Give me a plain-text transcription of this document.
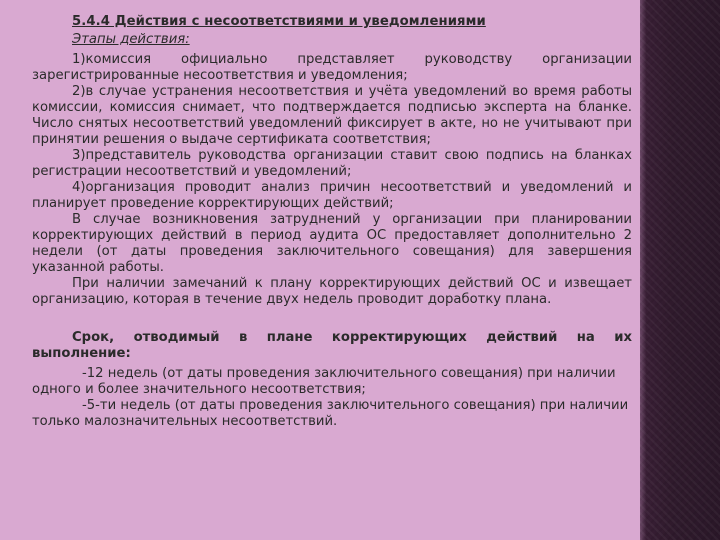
5.4.4 Действия с несоответствиями и уведомлениями
Этапы действия:

1)комиссия официально представляет руководству организации зарегистрированные несоответствия и уведомления;

2)в случае устранения несоответствия и учёта уведомлений во время работы комиссии, комиссия снимает, что подтверждается подписью эксперта на бланке. Число снятых несоответствий уведомлений фиксирует в акте, но не учитывают при принятии решения о выдаче сертификата соответствия;

3)представитель руководства организации ставит свою подпись на бланках регистрации несоответствий и уведомлений;

4)организация проводит анализ причин несоответствий и уведомлений и планирует проведение корректирующих действий;

В случае возникновения затруднений у организации при планировании корректирующих действий в период аудита ОС предоставляет дополнительно 2 недели (от даты проведения заключительного совещания) для завершения указанной работы.

При наличии замечаний к плану корректирующих действий ОС и извещает организацию, которая в течение двух недель проводит доработку плана.

Срок, отводимый в плане корректирующих действий на их выполнение:

-12 недель (от даты проведения заключительного совещания) при наличии одного и более значительного несоответствия;

-5-ти недель (от даты проведения заключительного совещания) при наличии только малозначительных несоответствий.
